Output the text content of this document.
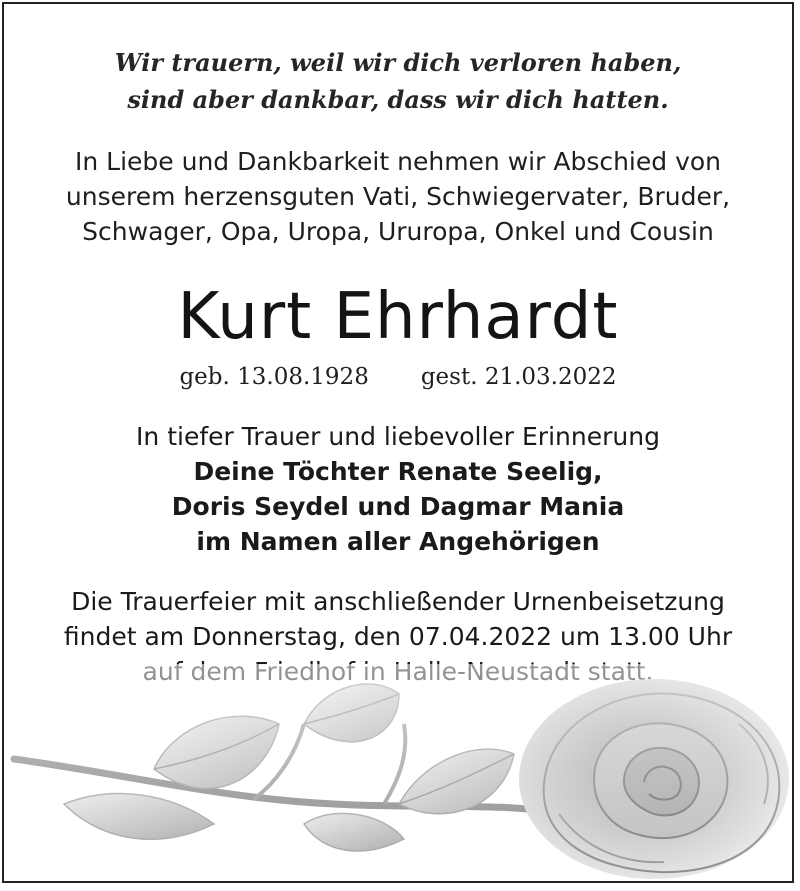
Wir trauern, weil wir dich verloren haben,
sind aber dankbar, dass wir dich hatten.
In Liebe und Dankbarkeit nehmen wir Abschied von
unserem herzensguten Vati, Schwiegervater, Bruder,
Schwager, Opa, Uropa, Ururopa, Onkel und Cousin
Kurt Ehrhardt
geb. 13.08.1928 gest. 21.03.2022
In tiefer Trauer und liebevoller Erinnerung
Deine Töchter Renate Seelig,
Doris Seydel und Dagmar Mania
im Namen aller Angehörigen
Die Trauerfeier mit anschließender Urnenbeisetzung
findet am Donnerstag, den 07.04.2022 um 13.00 Uhr
